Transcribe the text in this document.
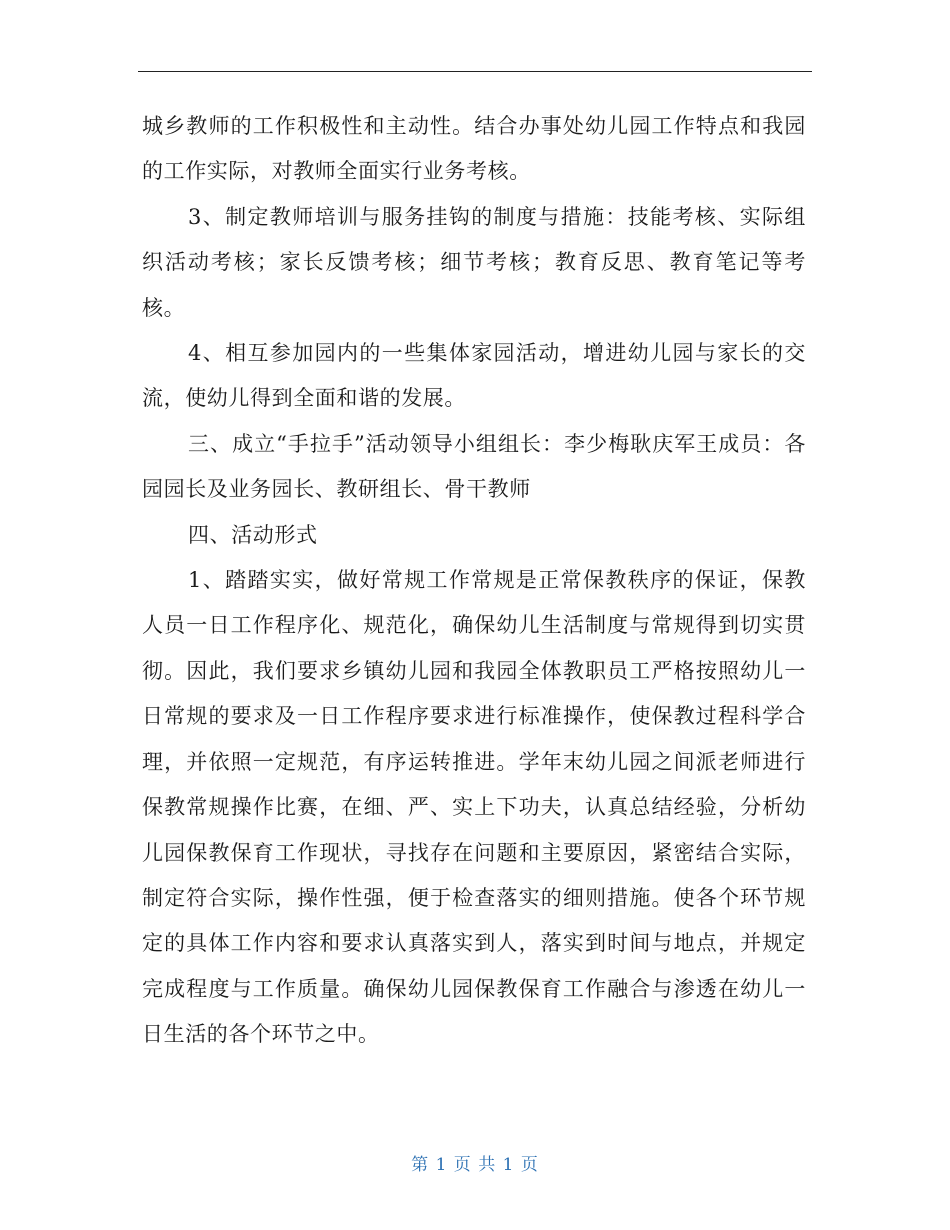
城乡教师的工作积极性和主动性。结合办事处幼儿园工作特点和我园的工作实际，对教师全面实行业务考核。

3、制定教师培训与服务挂钩的制度与措施：技能考核、实际组织活动考核；家长反馈考核；细节考核；教育反思、教育笔记等考核。

4、相互参加园内的一些集体家园活动，增进幼儿园与家长的交流，使幼儿得到全面和谐的发展。

三、成立“手拉手”活动领导小组组长：李少梅耿庆军王成员：各园园长及业务园长、教研组长、骨干教师

四、活动形式

1、踏踏实实，做好常规工作常规是正常保教秩序的保证，保教人员一日工作程序化、规范化，确保幼儿生活制度与常规得到切实贯彻。因此，我们要求乡镇幼儿园和我园全体教职员工严格按照幼儿一日常规的要求及一日工作程序要求进行标准操作，使保教过程科学合理，并依照一定规范，有序运转推进。学年末幼儿园之间派老师进行保教常规操作比赛，在细、严、实上下功夫，认真总结经验，分析幼儿园保教保育工作现状，寻找存在问题和主要原因，紧密结合实际，制定符合实际，操作性强，便于检查落实的细则措施。使各个环节规定的具体工作内容和要求认真落实到人，落实到时间与地点，并规定完成程度与工作质量。确保幼儿园保教保育工作融合与渗透在幼儿一日生活的各个环节之中。

第 1 页 共 1 页
